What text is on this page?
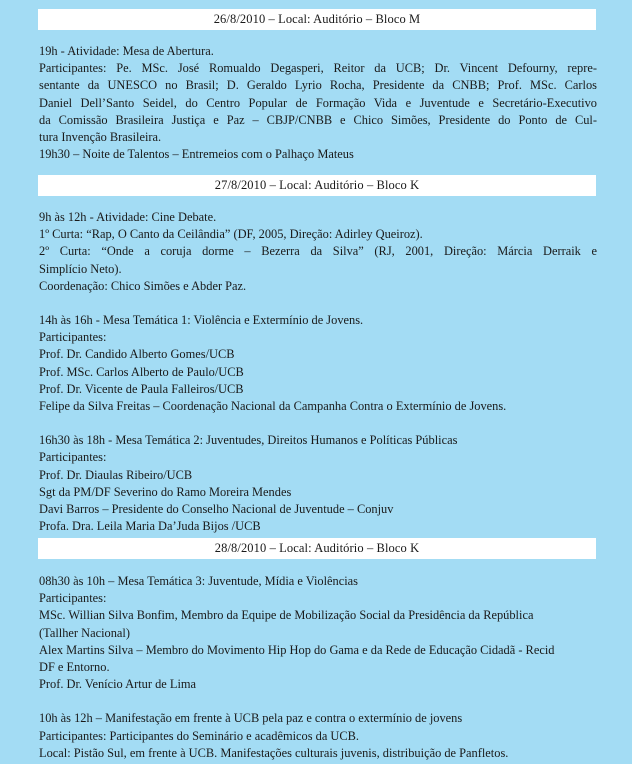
26/8/2010 – Local: Auditório – Bloco M
19h - Atividade: Mesa de Abertura.
Participantes: Pe. MSc. José Romualdo Degasperi, Reitor da UCB; Dr. Vincent Defourny, repre-
sentante da UNESCO no Brasil; D. Geraldo Lyrio Rocha, Presidente da CNBB; Prof. MSc. Carlos
Daniel Dell’Santo Seidel, do Centro Popular de Formação Vida e Juventude e Secretário-Executivo
da Comissão Brasileira Justiça e Paz – CBJP/CNBB e Chico Simões, Presidente do Ponto de Cul-
tura Invenção Brasileira.
19h30 – Noite de Talentos – Entremeios com o Palhaço Mateus
27/8/2010 – Local: Auditório – Bloco K
9h às 12h - Atividade: Cine Debate.
1º Curta: “Rap, O Canto da Ceilândia” (DF, 2005, Direção: Adirley Queiroz).
2º Curta: “Onde a coruja dorme – Bezerra da Silva” (RJ, 2001, Direção: Márcia Derraik e
Simplício Neto).
Coordenação: Chico Simões e Abder Paz.
14h às 16h - Mesa Temática 1: Violência e Extermínio de Jovens.
Participantes:
Prof. Dr. Candido Alberto Gomes/UCB
Prof. MSc. Carlos Alberto de Paulo/UCB
Prof. Dr. Vicente de Paula Falleiros/UCB
Felipe da Silva Freitas – Coordenação Nacional da Campanha Contra o Extermínio de Jovens.
16h30 às 18h - Mesa Temática 2: Juventudes, Direitos Humanos e Políticas Públicas
Participantes:
Prof. Dr. Diaulas Ribeiro/UCB
Sgt da PM/DF Severino do Ramo Moreira Mendes
Davi Barros – Presidente do Conselho Nacional de Juventude – Conjuv
Profa. Dra. Leila Maria Da’Juda Bijos /UCB
28/8/2010 – Local: Auditório – Bloco K
08h30 às 10h – Mesa Temática 3: Juventude, Mídia e Violências
Participantes:
MSc. Willian Silva Bonfim, Membro da Equipe de Mobilização Social da Presidência da República
(Tallher Nacional)
Alex Martins Silva – Membro do Movimento Hip Hop do Gama e da Rede de Educação Cidadã - Recid
DF e Entorno.
Prof. Dr. Venício Artur de Lima
10h às 12h – Manifestação em frente à UCB pela paz e contra o extermínio de jovens
Participantes: Participantes do Seminário e acadêmicos da UCB.
Local: Pistão Sul, em frente à UCB. Manifestações culturais juvenis, distribuição de Panfletos.
